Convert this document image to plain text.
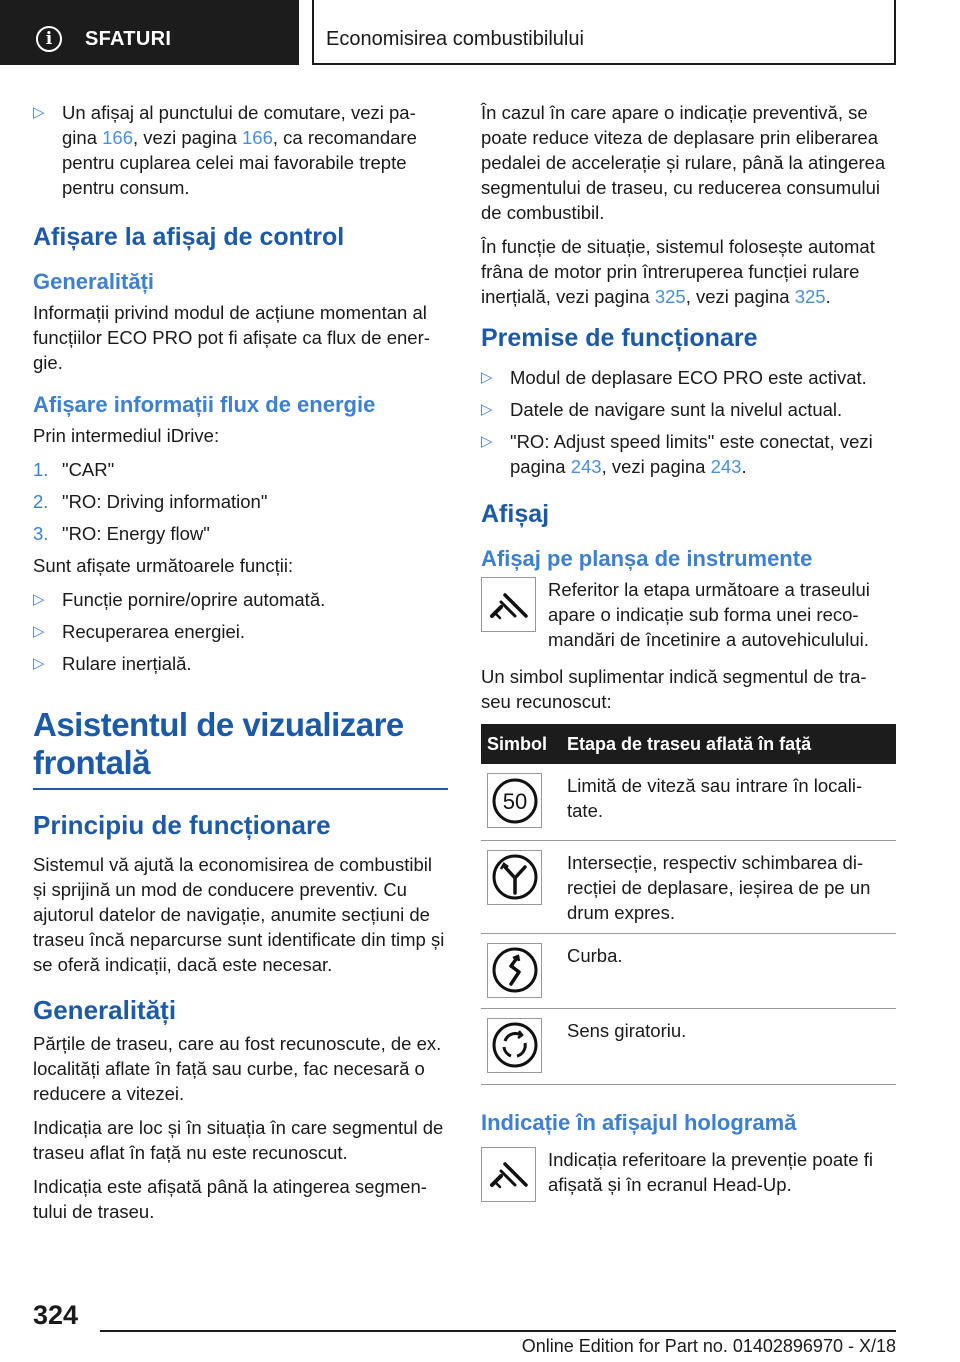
i	SFATURI	Economisirea combustibilului
▷ Un afișaj al punctului de comutare, vezi pa-gina 166, vezi pagina 166, ca recomandare pentru cuplarea celei mai favorabile trepte pentru consum.
Afișare la afișaj de control
Generalități

Informații privind modul de acțiune momentan al funcțiilor ECO PRO pot fi afișate ca flux de ener-gie.

Afișare informații flux de energie

Prin intermediul iDrive:

1. "CAR"
2. "RO: Driving information"
3. "RO: Energy flow"

Sunt afișate următoarele funcții:

▷ Funcție pornire/oprire automată.
▷ Recuperarea energiei.
▷ Rulare inerțială.
Asistentul de vizualizare frontală
Principiu de funcționare

Sistemul vă ajută la economisirea de combustibil și sprijină un mod de conducere preventiv. Cu ajutorul datelor de navigație, anumite secțiuni de traseu încă neparcurse sunt identificate din timp și se oferă indicații, dacă este necesar.

Generalități

Părțile de traseu, care au fost recunoscute, de ex. localități aflate în față sau curbe, fac necesară o reducere a vitezei.

Indicația are loc și în situația în care segmentul de traseu aflat în față nu este recunoscut.

Indicația este afișată până la atingerea segmen-tului de traseu.

În cazul în care apare o indicație preventivă, se poate reduce viteza de deplasare prin eliberarea pedalei de accelerație și rulare, până la atingerea segmentului de traseu, cu reducerea consumului de combustibil.

În funcție de situație, sistemul folosește automat frâna de motor prin întreruperea funcției rulare inerțială, vezi pagina 325, vezi pagina 325.

Premise de funcționare
▷ Modul de deplasare ECO PRO este activat.
▷ Datele de navigare sunt la nivelul actual.
▷ "RO: Adjust speed limits" este conectat, vezi pagina 243, vezi pagina 243.
Afișaj
Afișaj pe planșa de instrumente

Referitor la etapa următoare a traseului apare o indicație sub forma unei reco-mandări de încetinire a autovehiculului.

Un simbol suplimentar indică segmentul de tra-seu recunoscut:

Simbol	Etapa de traseu aflată în față

50	Limită de viteză sau intrare în locali-tate.

	Intersecție, respectiv schimbarea di-recției de deplasare, ieșirea de pe un drum expres.

	Curba.

	Sens giratoriu.
Indicație în afișajul hologramă

Indicația referitoare la prevenție poate fi afișată și în ecranul Head-Up.

324
Online Edition for Part no. 01402896970 - X/18
